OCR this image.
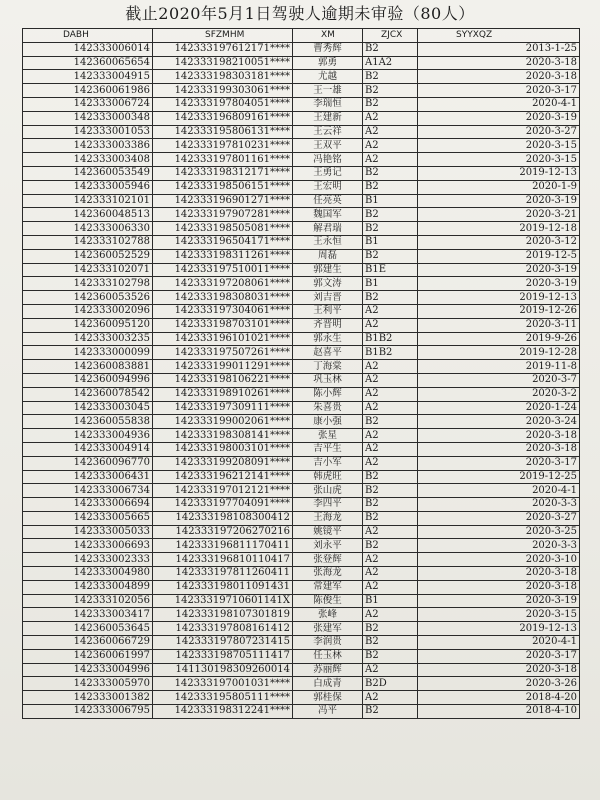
截止2020年5月1日驾驶人逾期未审验（80人）
DABH	SFZMHM	XM	ZJCX	SYYXQZ
142333006014	142333197612171****	曹秀辉	B2	2013-1-25
142360065654	142333198210051****	郭勇	A1A2	2020-3-18
142333004915	142333198303181****	尤越	B2	2020-3-18
142360061986	142333199303061****	王一雄	B2	2020-3-17
142333006724	142333197804051****	李瑞恒	B2	2020-4-1
142333000348	142333196809161****	王建新	A2	2020-3-19
142333001053	142333195806131****	王云祥	A2	2020-3-27
142333003386	142333197810231****	王双平	A2	2020-3-15
142333003408	142333197801161****	冯艳铭	A2	2020-3-15
142360053549	142333198312171****	王勇记	B2	2019-12-13
142333005946	142333198506151****	王宏明	B2	2020-1-9
142333102101	142333196901271****	任亮英	B1	2020-3-19
142360048513	142333197907281****	魏国军	B2	2020-3-21
142333006330	142333198505081****	解君瑞	B2	2019-12-18
142333102788	142333196504171****	王永恒	B1	2020-3-12
142360052529	142333198311261****	周磊	B2	2019-12-5
142333102071	142333197510011****	郭建生	B1E	2020-3-19
142333102798	142333197208061****	郭文涛	B1	2020-3-19
142360053526	142333198308031****	刘吉晋	B2	2019-12-13
142333002096	142333197304061****	王利平	A2	2019-12-26
142360095120	142333198703101****	齐晋明	A2	2020-3-11
142333003235	142333196101021****	郭永生	B1B2	2019-9-26
142333000099	142333197507261****	赵喜平	B1B2	2019-12-28
142360083881	142333199011291****	丁海棠	A2	2019-11-8
142360094996	142333198106221****	巩玉林	A2	2020-3-7
142360078542	142333198910261****	陈小辉	A2	2020-3-2
142333003045	142333197309111****	朱喜贵	A2	2020-1-24
142360055838	142333199002061****	康小强	B2	2020-3-24
142333004936	142333198308141****	张星	A2	2020-3-18
142333004914	142333198003101****	吉平生	A2	2020-3-18
142360096770	142333199208091****	吉小军	A2	2020-3-17
142333006431	142333196212141****	韩虎旺	B2	2019-12-25
142333006734	142333197012121****	张山虎	B2	2020-4-1
142333006694	142333197704091****	李四平	B2	2020-3-3
142333005665	142333198108300412	王海龙	B2	2020-3-27
142333005033	142333197206270216	姚镜平	A2	2020-3-25
142333006693	142333196811170411	刘永平	B2	2020-3-3
142333002333	142333196810110417	张登辉	A2	2020-3-10
142333004980	142333197811260411	张海龙	A2	2020-3-18
142333004899	142333198011091431	常建军	A2	2020-3-18
142333102056	14233319710601141X	陈俊生	B1	2020-3-19
142333003417	142333198107301819	张峰	A2	2020-3-15
142360053645	142333197808161412	张建军	B2	2019-12-13
142360066729	142333197807231415	李润贵	B2	2020-4-1
142360061997	142333198705111417	任玉林	B2	2020-3-17
142333004996	141130198309260014	苏丽辉	A2	2020-3-18
142333005970	142333197001031****	白成青	B2D	2020-3-26
142333001382	142333195805111****	郭桂保	A2	2018-4-20
142333006795	142333198312241****	冯平	B2	2018-4-10
